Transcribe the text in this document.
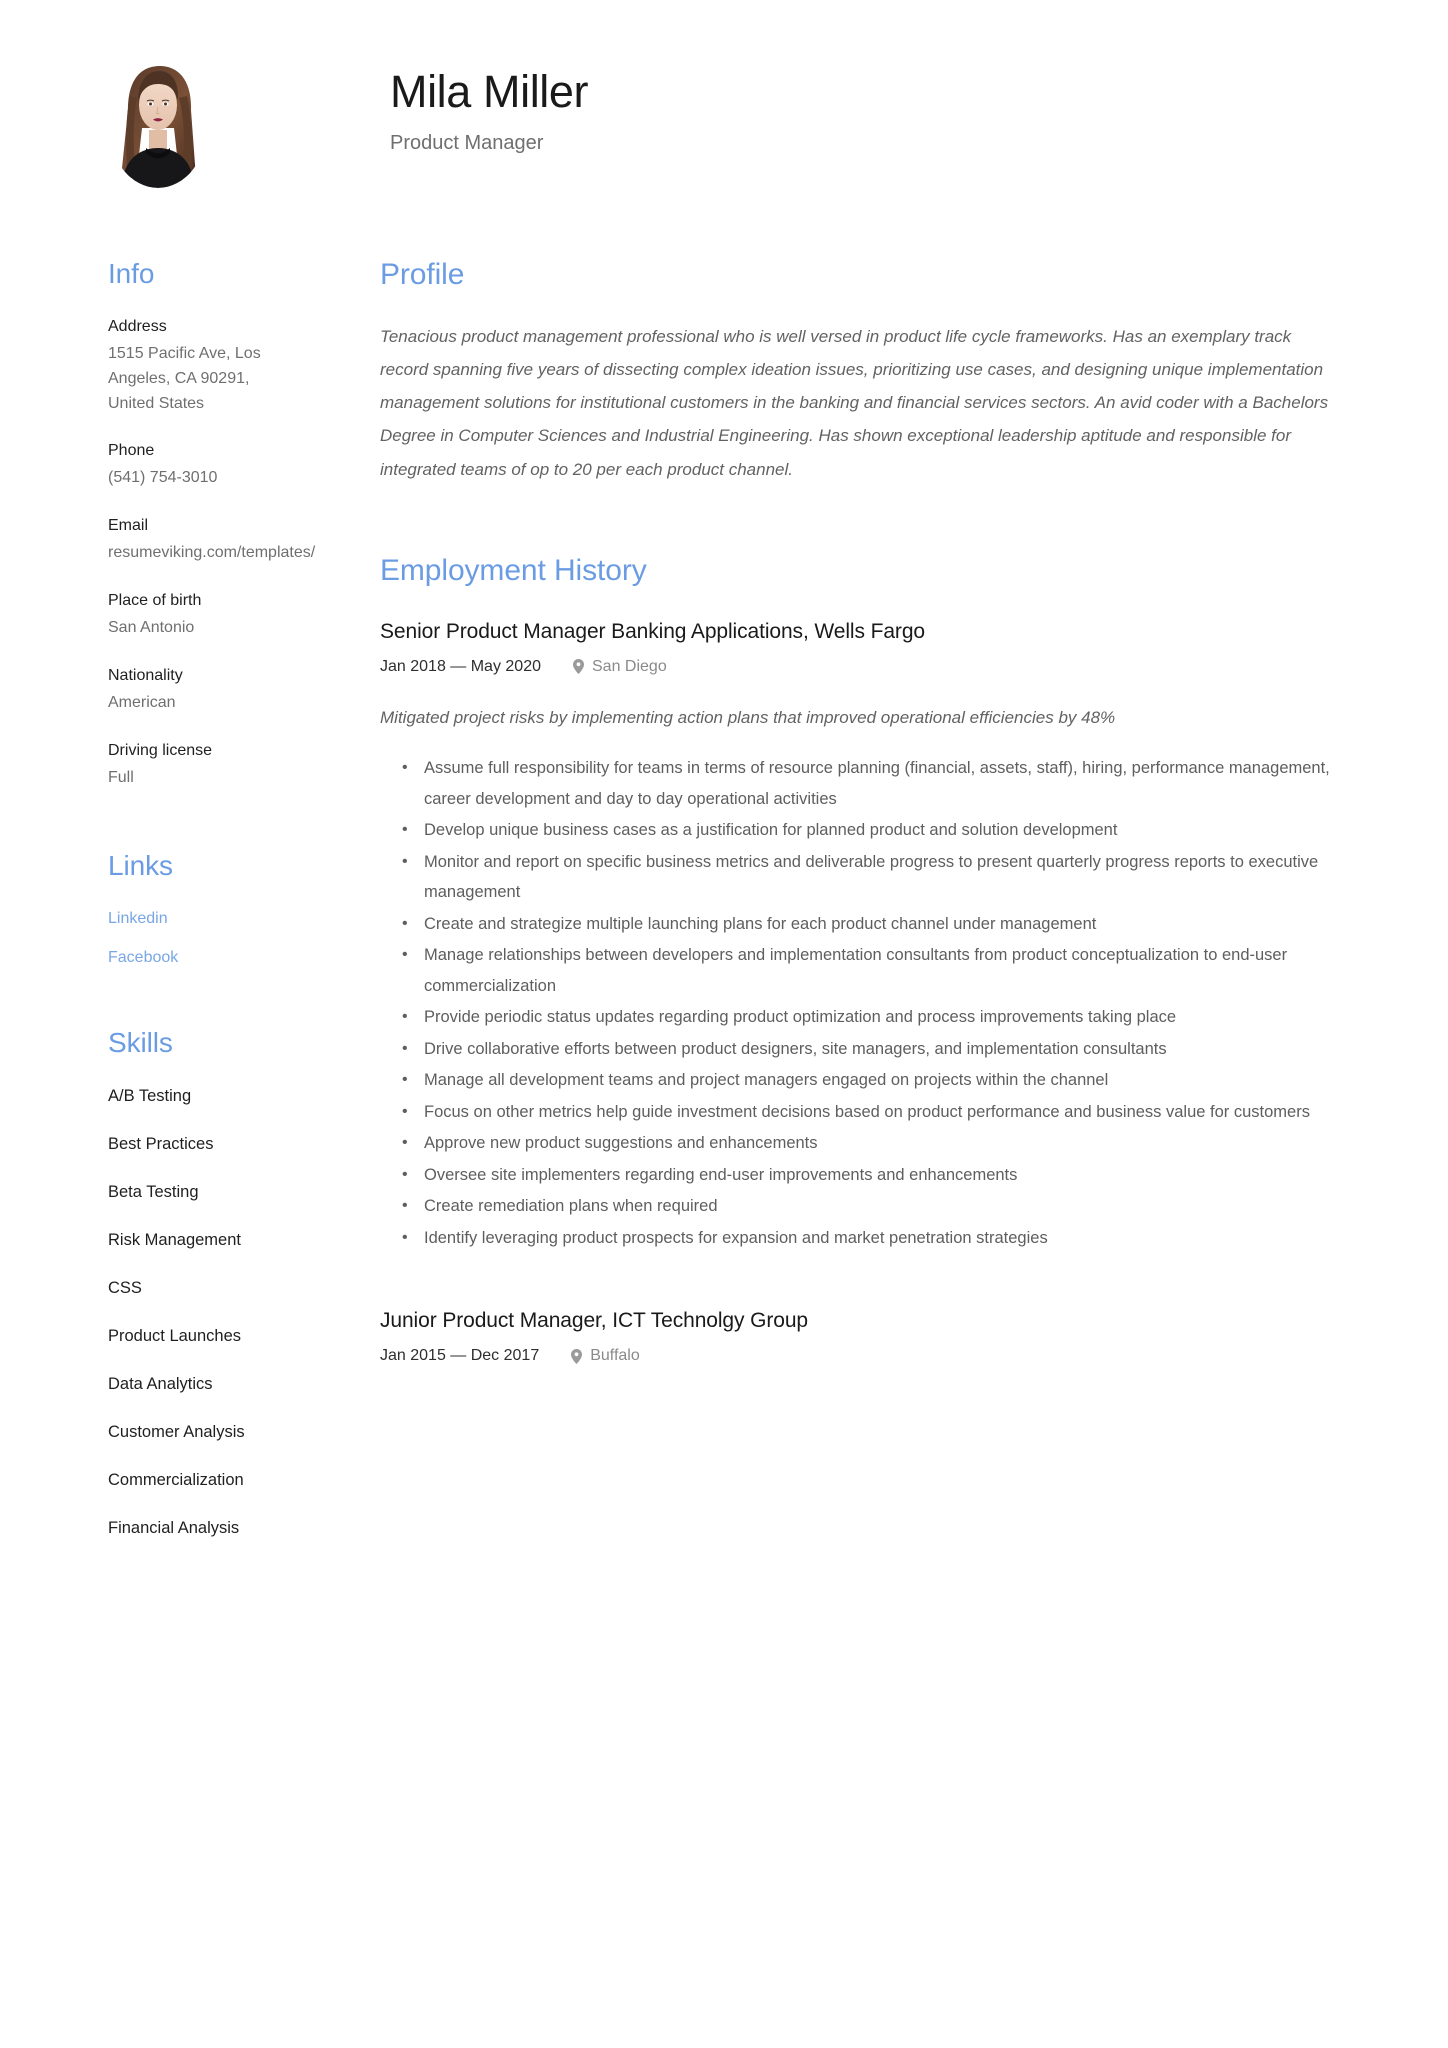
Mila Miller
Product Manager
Info
Address
1515 Pacific Ave, Los Angeles, CA 90291, United States
Phone
(541) 754-3010
Email
resumeviking.com/templates/
Place of birth
San Antonio
Nationality
American
Driving license
Full
Links
Linkedin
Facebook
Skills
A/B Testing
Best Practices
Beta Testing
Risk Management
CSS
Product Launches
Data Analytics
Customer Analysis
Commercialization
Financial Analysis
Profile

Tenacious product management professional who is well versed in product life cycle frameworks. Has an exemplary track record spanning five years of dissecting complex ideation issues, prioritizing use cases, and designing unique implementation management solutions for institutional customers in the banking and financial services sectors. An avid coder with a Bachelors Degree in Computer Sciences and Industrial Engineering. Has shown exceptional leadership aptitude and responsible for integrated teams of op to 20 per each product channel.

Employment History
Senior Product Manager Banking Applications, Wells Fargo
Jan 2018 — May 2020	San Diego

Mitigated project risks by implementing action plans that improved operational efficiencies by 48%

• Assume full responsibility for teams in terms of resource planning (financial, assets, staff), hiring, performance management, career development and day to day operational activities
• Develop unique business cases as a justification for planned product and solution development
• Monitor and report on specific business metrics and deliverable progress to present quarterly progress reports to executive management
• Create and strategize multiple launching plans for each product channel under management
• Manage relationships between developers and implementation consultants from product conceptualization to end-user commercialization
• Provide periodic status updates regarding product optimization and process improvements taking place
• Drive collaborative efforts between product designers, site managers, and implementation consultants
• Manage all development teams and project managers engaged on projects within the channel
• Focus on other metrics help guide investment decisions based on product performance and business value for customers
• Approve new product suggestions and enhancements
• Oversee site implementers regarding end-user improvements and enhancements
• Create remediation plans when required
• Identify leveraging product prospects for expansion and market penetration strategies
Junior Product Manager, ICT Technolgy Group
Jan 2015 — Dec 2017	Buffalo
